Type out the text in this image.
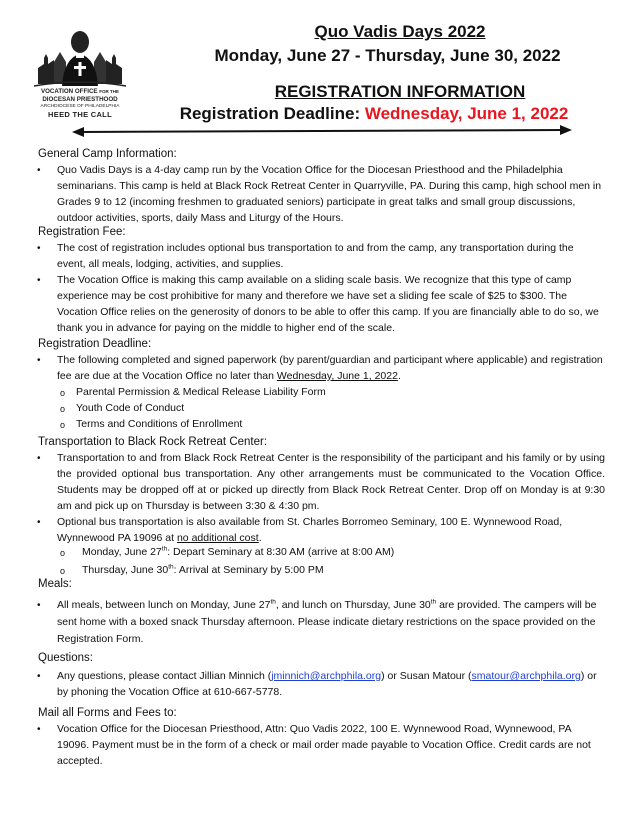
VOCATION OFFICE FOR THE
DIOCESAN PRIESTHOOD
ARCHDIOCESE OF PHILADELPHIA
HEED THE CALL
Quo Vadis Days 2022
Monday, June 27 - Thursday, June 30, 2022
REGISTRATION INFORMATION
Registration Deadline: Wednesday, June 1, 2022
General Camp Information:
• Quo Vadis Days is a 4-day camp run by the Vocation Office for the Diocesan Priesthood and the Philadelphia seminarians. This camp is held at Black Rock Retreat Center in Quarryville, PA. During this camp, high school men in Grades 9 to 12 (incoming freshmen to graduated seniors) participate in great talks and small group discussions, outdoor activities, sports, daily Mass and Liturgy of the Hours.
Registration Fee:
• The cost of registration includes optional bus transportation to and from the camp, any transportation during the event, all meals, lodging, activities, and supplies.
• The Vocation Office is making this camp available on a sliding scale basis. We recognize that this type of camp experience may be cost prohibitive for many and therefore we have set a sliding fee scale of $25 to $300. The Vocation Office relies on the generosity of donors to be able to offer this camp. If you are financially able to do so, we thank you in advance for paying on the middle to higher end of the scale.
Registration Deadline:
• The following completed and signed paperwork (by parent/guardian and participant where applicable) and registration fee are due at the Vocation Office no later than Wednesday, June 1, 2022.
o Parental Permission & Medical Release Liability Form
o Youth Code of Conduct
o Terms and Conditions of Enrollment
Transportation to Black Rock Retreat Center:
• Transportation to and from Black Rock Retreat Center is the responsibility of the participant and his family or by using the provided optional bus transportation. Any other arrangements must be communicated to the Vocation Office. Students may be dropped off at or picked up directly from Black Rock Retreat Center. Drop off on Monday is at 9:30 am and pick up on Thursday is between 3:30 & 4:30 pm.
• Optional bus transportation is also available from St. Charles Borromeo Seminary, 100 E. Wynnewood Road, Wynnewood PA 19096 at no additional cost.
o Monday, June 27th: Depart Seminary at 8:30 AM (arrive at 8:00 AM)
o Thursday, June 30th: Arrival at Seminary by 5:00 PM
Meals:
• All meals, between lunch on Monday, June 27th, and lunch on Thursday, June 30th are provided. The campers will be sent home with a boxed snack Thursday afternoon. Please indicate dietary restrictions on the space provided on the Registration Form.
Questions:
• Any questions, please contact Jillian Minnich (jminnich@archphila.org) or Susan Matour (smatour@archphila.org) or by phoning the Vocation Office at 610-667-5778.
Mail all Forms and Fees to:
• Vocation Office for the Diocesan Priesthood, Attn: Quo Vadis 2022, 100 E. Wynnewood Road, Wynnewood, PA 19096. Payment must be in the form of a check or mail order made payable to Vocation Office. Credit cards are not accepted.
